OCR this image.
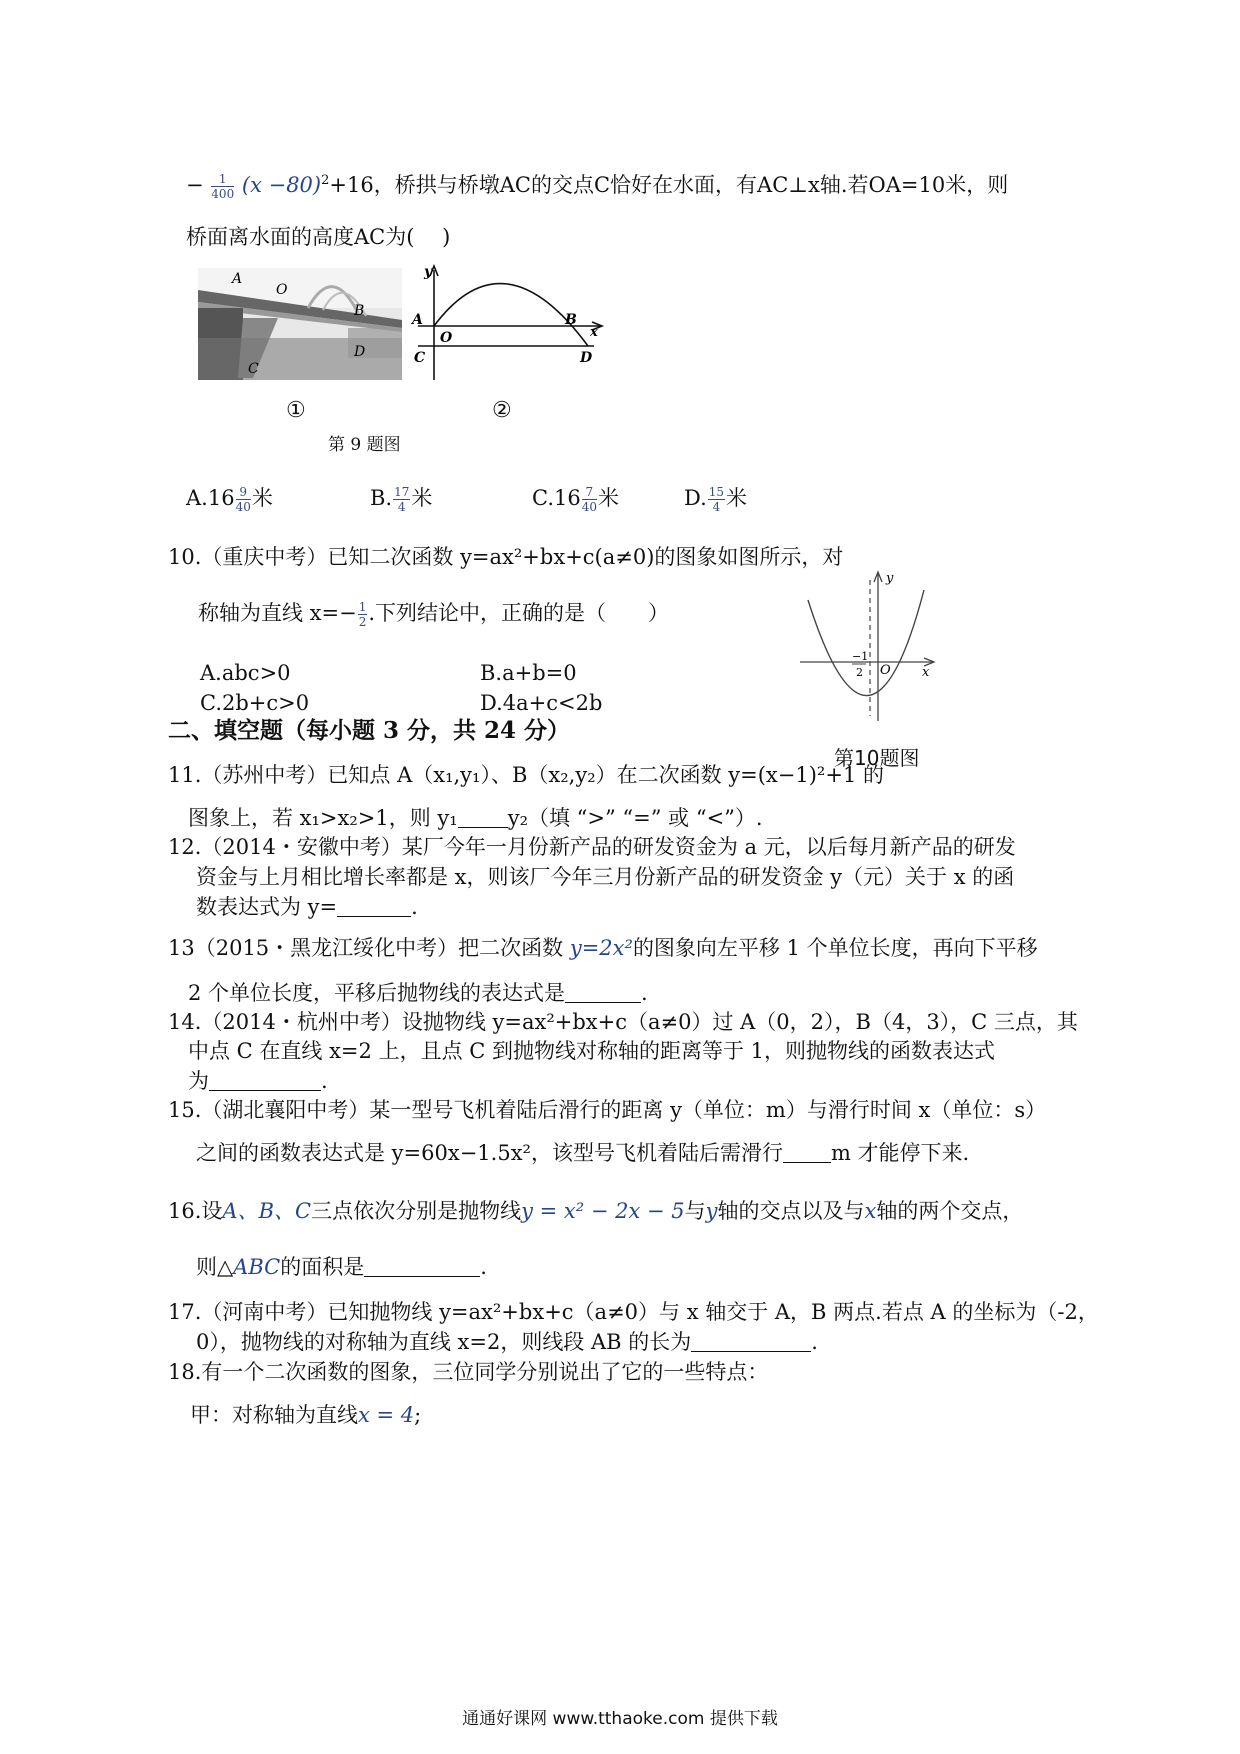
− $\frac{1}{400} (x -80)^2+16$，桥拱与桥墩AC的交点C恰好在水面，有AC⊥x轴.若OA=10米，则
桥面离水面的高度AC为(　 )
A
O
B
D
C
y
A
O
B
x
C	D
①	②
第 9 题图
$A.16 \frac{9}{40}$ 米	B. $\frac{17}{4}$ 米	$C.16 \frac{7}{40}$ 米	D. $\frac{15}{4}$ 米
10.（重庆中考）已知二次函数 y=ax²+bx+c(a≠0)的图象如图所示，对
称轴为直线 $x=- \frac{1}{2}$ .下列结论中，正确的是（　　）
A.abc>0	B.a+b=0
C.2b+c>0	D.4a+c<2b
y
x
O
−1
2
第10题图
二、填空题（每小题 3 分，共 24 分）
11.（苏州中考）已知点 A（x₁,y₁）、B（x₂,y₂）在二次函数 y=(x−1)²+1 的
图象上，若 x₁>x₂>1，则 y₁ y₂（填 “>” “=” 或 “<”）.
12.（2014・安徽中考）某厂今年一月份新产品的研发资金为 a 元，以后每月新产品的研发
资金与上月相比增长率都是 x，则该厂今年三月份新产品的研发资金 y（元）关于 x 的函
数表达式为 y=	.
13（2015・黑龙江绥化中考）把二次函数 y=2x²的图象向左平移 1 个单位长度，再向下平移
2 个单位长度，平移后抛物线的表达式是	.
14.（2014・杭州中考）设抛物线 y=ax²+bx+c（a≠0）过 A（0，2），B（4，3），C 三点，其
中点 C 在直线 x=2 上，且点 C 到抛物线对称轴的距离等于 1，则抛物线的函数表达式
为	.
15.（湖北襄阳中考）某一型号飞机着陆后滑行的距离 y（单位：m）与滑行时间 x（单位：s）
之间的函数表达式是 y=60x−1.5x²，该型号飞机着陆后需滑行 m 才能停下来.
16.设A、B、C三点依次分别是抛物线y = x² − 2x − 5与y轴的交点以及与x轴的两个交点，
则△ABC的面积是	.
17.（河南中考）已知抛物线 y=ax²+bx+c（a≠0）与 x 轴交于 A，B 两点.若点 A 的坐标为（-2，
0），抛物线的对称轴为直线 x=2，则线段 AB 的长为	.
18.有一个二次函数的图象，三位同学分别说出了它的一些特点：
甲：对称轴为直线x = 4;
通通好课网 www.tthaoke.com 提供下载
